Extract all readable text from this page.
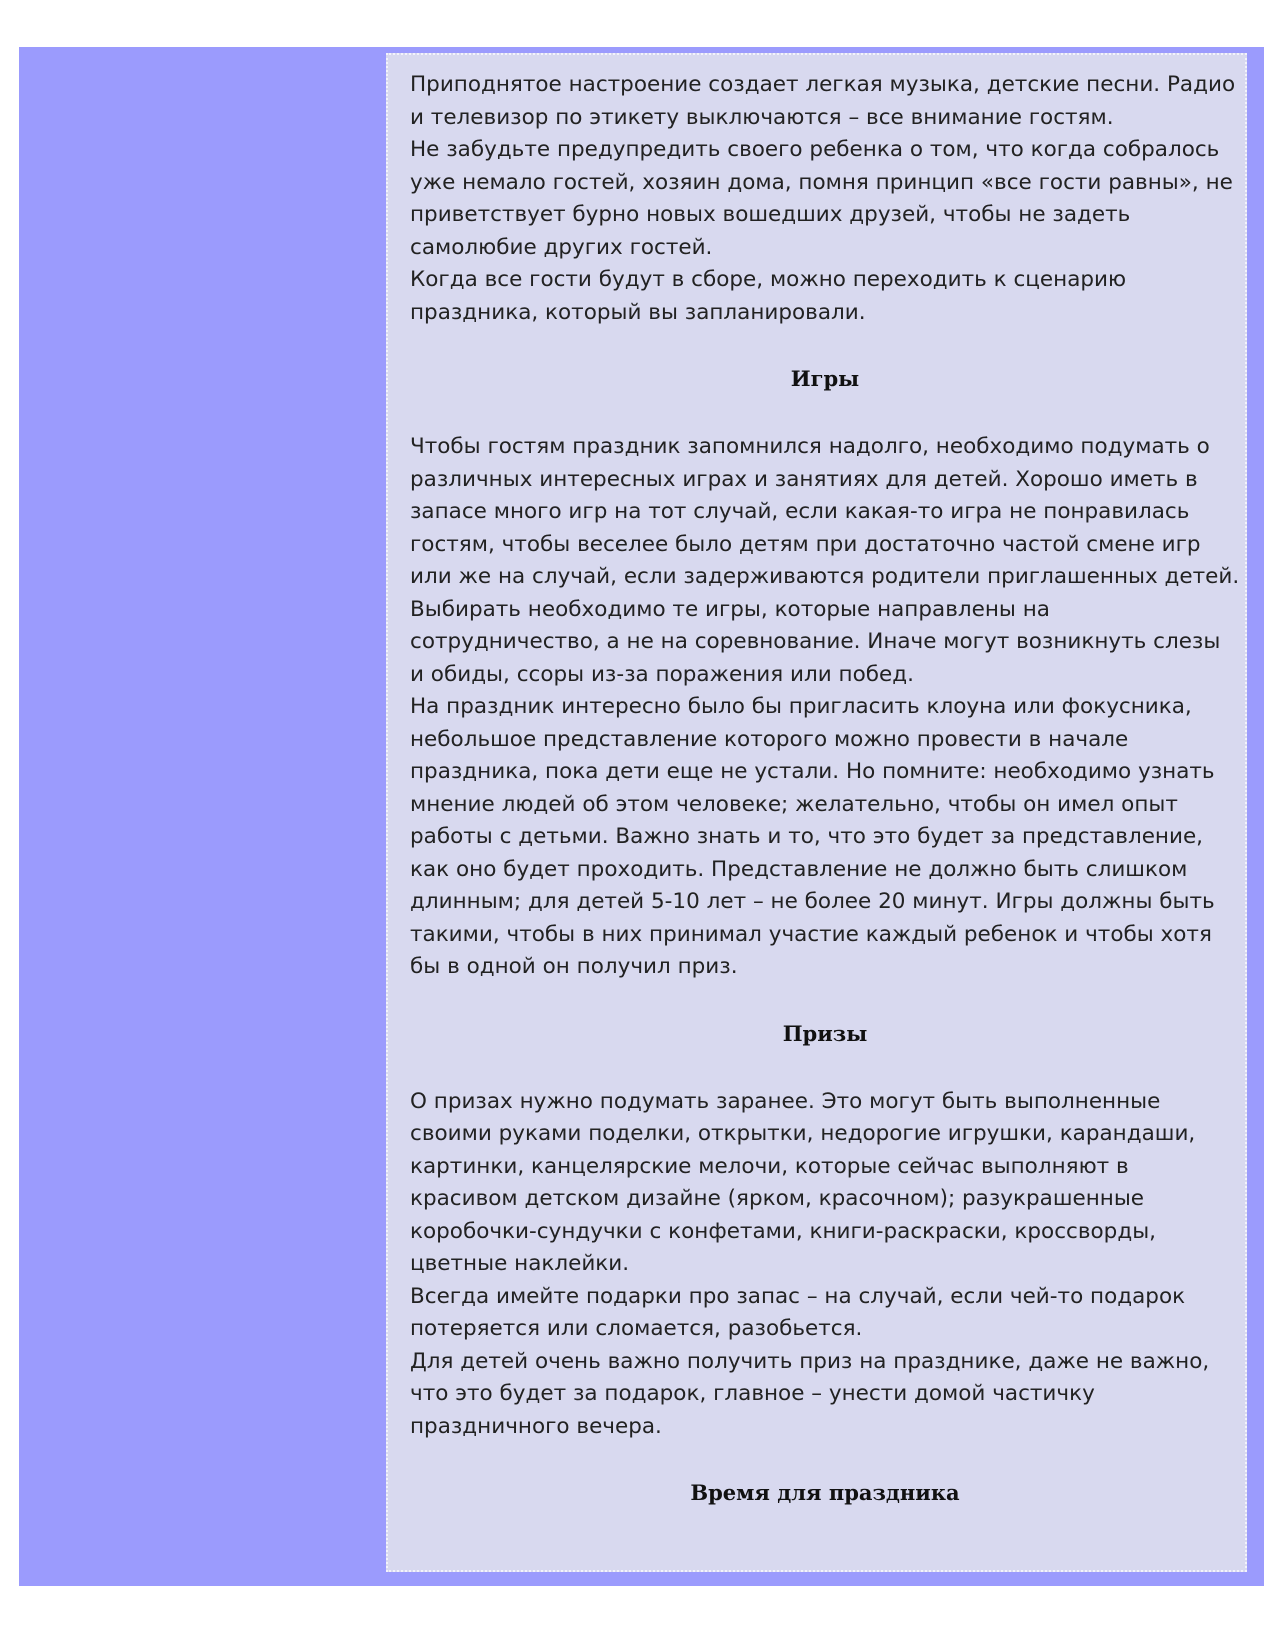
Приподнятое настроение создает легкая музыка, детские песни. Радио и телевизор по этикету выключаются – все внимание гостям.

Не забудьте предупредить своего ребенка о том, что когда собралось уже немало гостей, хозяин дома, помня принцип «все гости равны», не приветствует бурно новых вошедших друзей, чтобы не задеть самолюбие других гостей.

Когда все гости будут в сборе, можно переходить к сценарию праздника, который вы запланировали.

Игры

Чтобы гостям праздник запомнился надолго, необходимо подумать о различных интересных играх и занятиях для детей. Хорошо иметь в запасе много игр на тот случай, если какая-то игра не понравилась гостям, чтобы веселее было детям при достаточно частой смене игр или же на случай, если задерживаются родители приглашенных детей.

Выбирать необходимо те игры, которые направлены на сотрудничество, а не на соревнование. Иначе могут возникнуть слезы и обиды, ссоры из-за поражения или побед.

На праздник интересно было бы пригласить клоуна или фокусника, небольшое представление которого можно провести в начале праздника, пока дети еще не устали. Но помните: необходимо узнать мнение людей об этом человеке; желательно, чтобы он имел опыт работы с детьми. Важно знать и то, что это будет за представление, как оно будет проходить. Представление не должно быть слишком длинным; для детей 5-10 лет – не более 20 минут. Игры должны быть такими, чтобы в них принимал участие каждый ребенок и чтобы хотя бы в одной он получил приз.

Призы

О призах нужно подумать заранее. Это могут быть выполненные своими руками поделки, открытки, недорогие игрушки, карандаши, картинки, канцелярские мелочи, которые сейчас выполняют в красивом детском дизайне (ярком, красочном); разукрашенные коробочки-сундучки с конфетами, книги-раскраски, кроссворды, цветные наклейки.

Всегда имейте подарки про запас – на случай, если чей-то подарок потеряется или сломается, разобьется.

Для детей очень важно получить приз на празднике, даже не важно, что это будет за подарок, главное – унести домой частичку праздничного вечера.

Время для праздника
